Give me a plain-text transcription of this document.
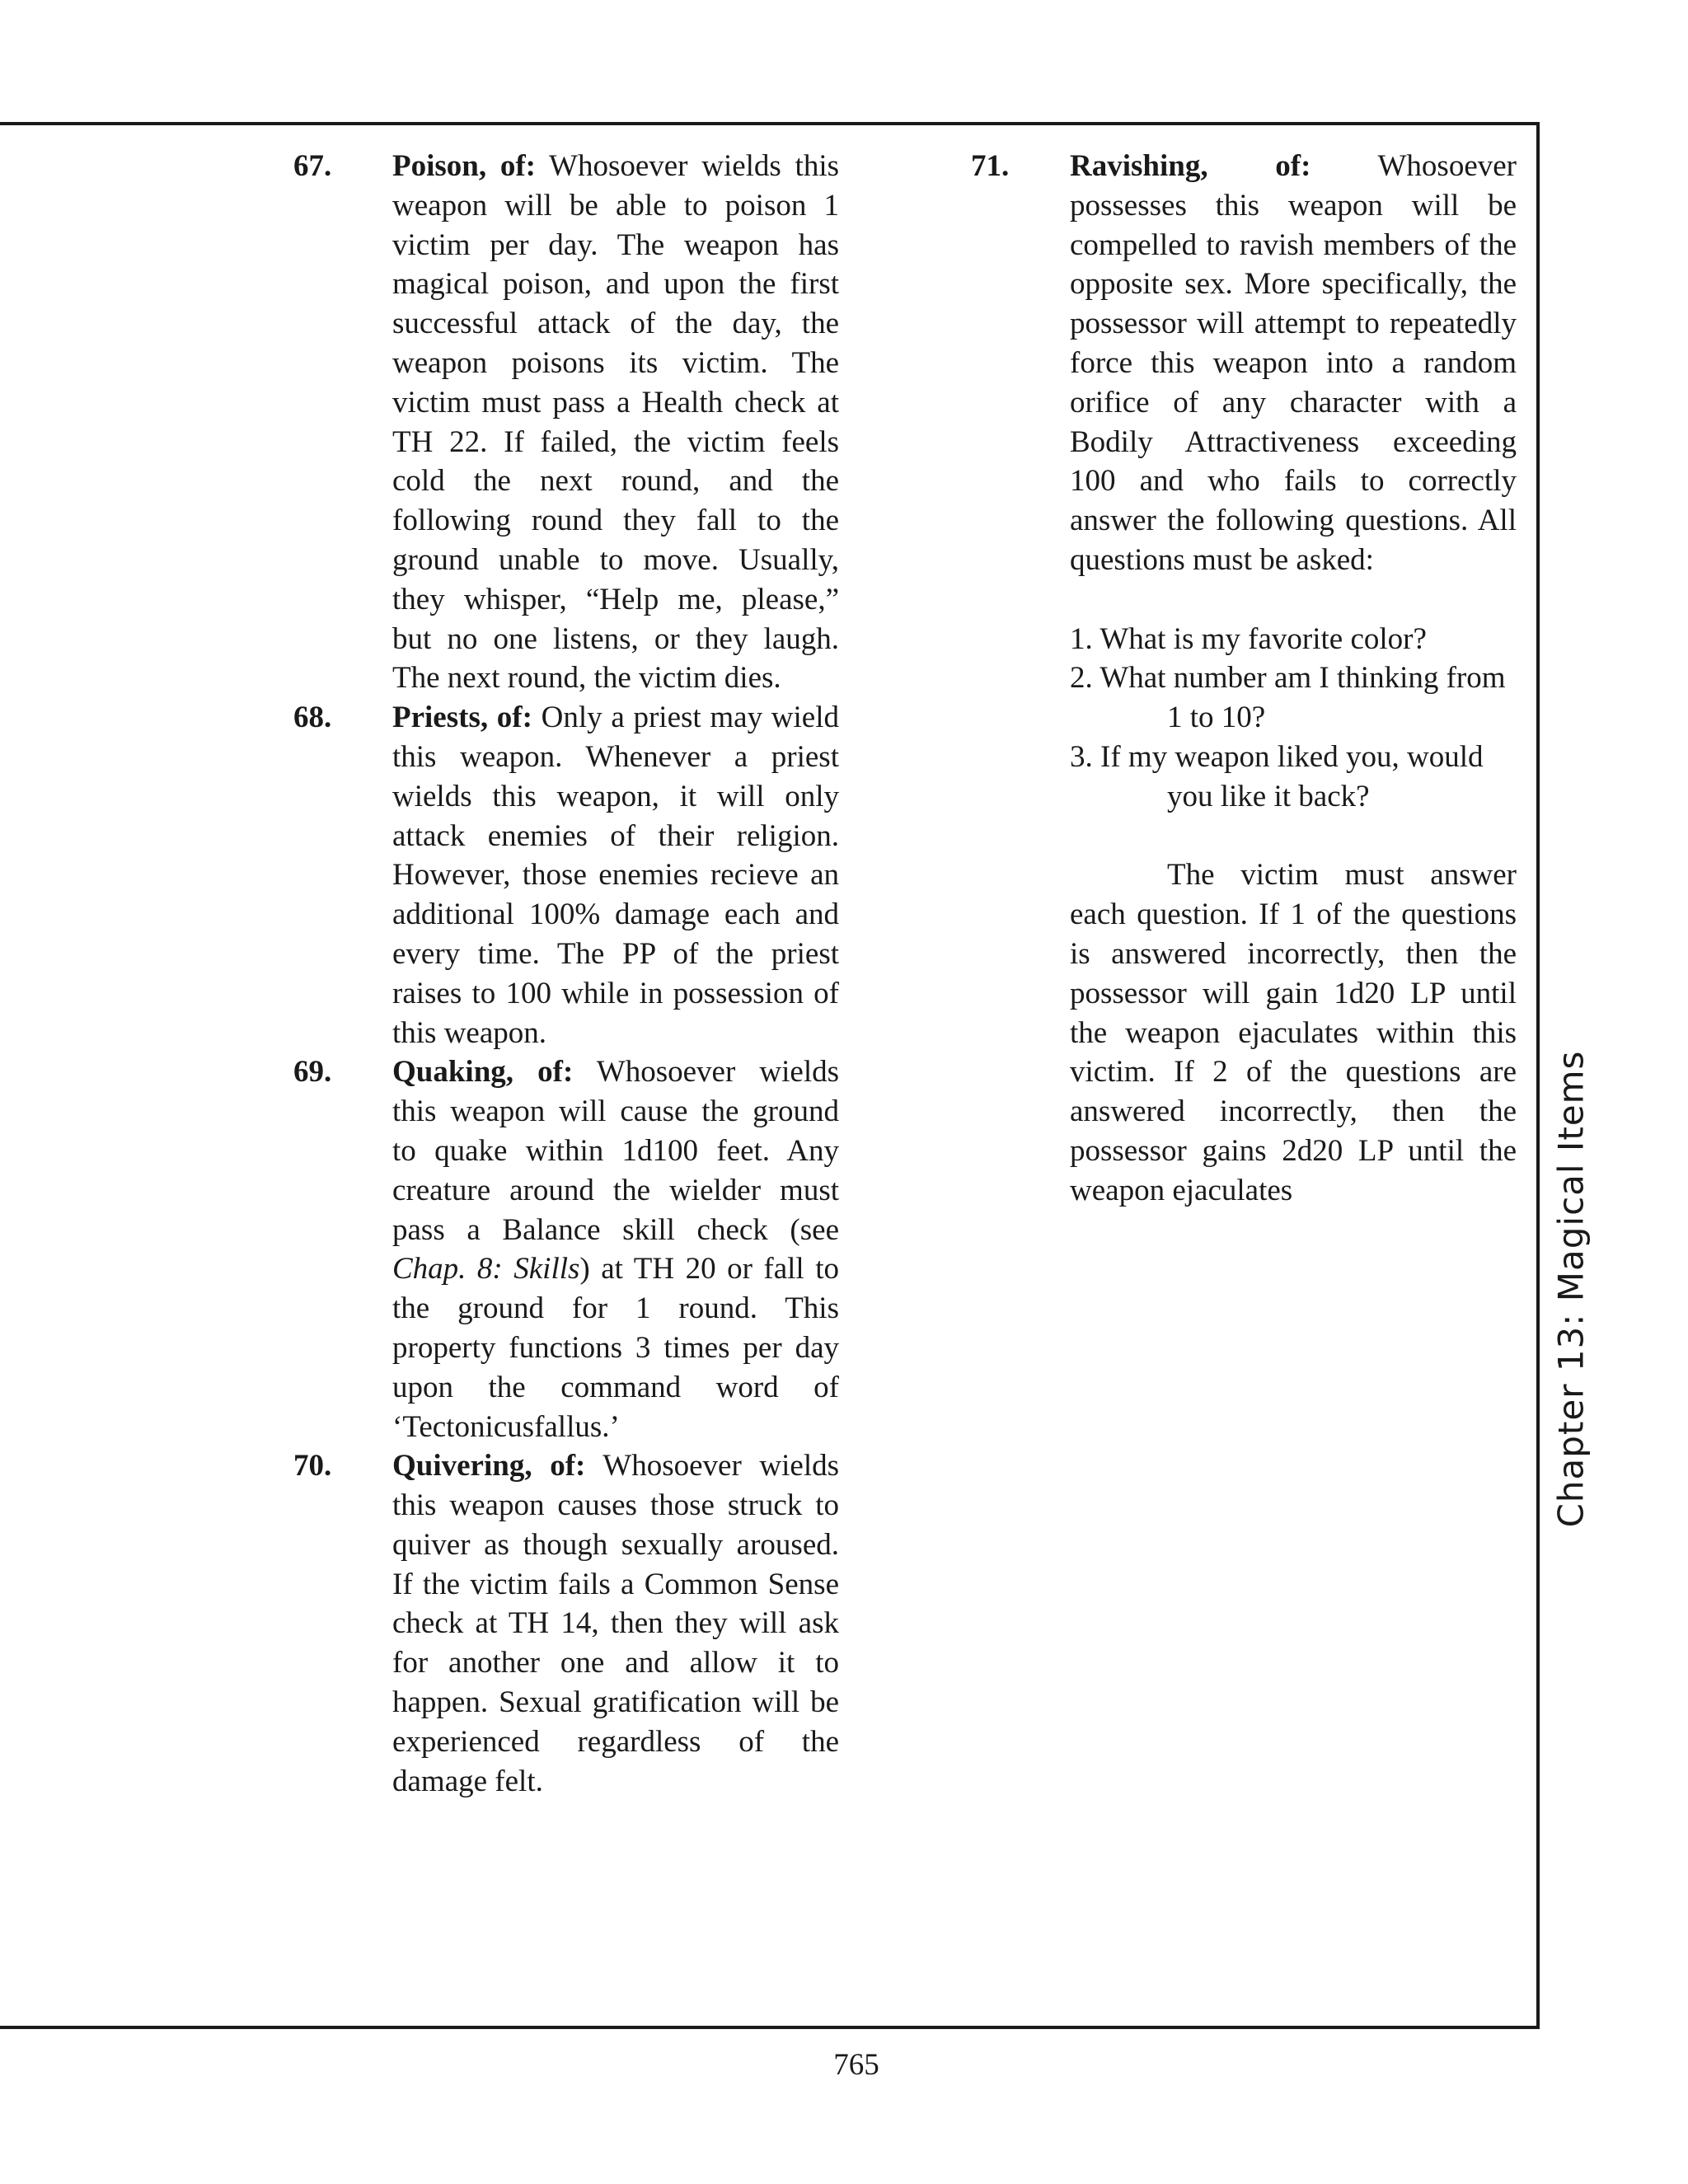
67. Poison, of: Whosoever wields this weapon will be able to poison 1 victim per day. The weapon has magical poison, and upon the first successful attack of the day, the weapon poisons its victim. The victim must pass a Health check at TH 22. If failed, the victim feels cold the next round, and the following round they fall to the ground unable to move. Usually, they whisper, “Help me, please,” but no one listens, or they laugh. The next round, the victim dies.
68. Priests, of: Only a priest may wield this weapon. Whenever a priest wields this weapon, it will only attack enemies of their religion. However, those enemies recieve an additional 100% damage each and every time. The PP of the priest raises to 100 while in possession of this weapon.
69. Quaking, of: Whosoever wields this weapon will cause the ground to quake within 1d100 feet. Any creature around the wielder must pass a Balance skill check (see Chap. 8: Skills) at TH 20 or fall to the ground for 1 round. This property functions 3 times per day upon the command word of ‘Tectonicusfallus.’
70. Quivering, of: Whosoever wields this weapon causes those struck to quiver as though sexually aroused. If the victim fails a Common Sense check at TH 14, then they will ask for another one and allow it to happen. Sexual gratification will be experienced regardless of the damage felt.
71. Ravishing, of: Whosoever possesses this weapon will be compelled to ravish members of the opposite sex. More specifically, the possessor will attempt to repeatedly force this weapon into a random orifice of any character with a Bodily Attractiveness exceeding 100 and who fails to correctly answer the following questions. All questions must be asked:
1. What is my favorite color?
2. What number am I thinking from
1 to 10?
3. If my weapon liked you, would
you like it back?
The victim must answer each question. If 1 of the questions is answered incorrectly, then the possessor will gain 1d20 LP until the weapon ejaculates within this victim. If 2 of the questions are answered incorrectly, then the possessor gains 2d20 LP until the weapon ejaculates	Chapter 13: Magical Items
765
